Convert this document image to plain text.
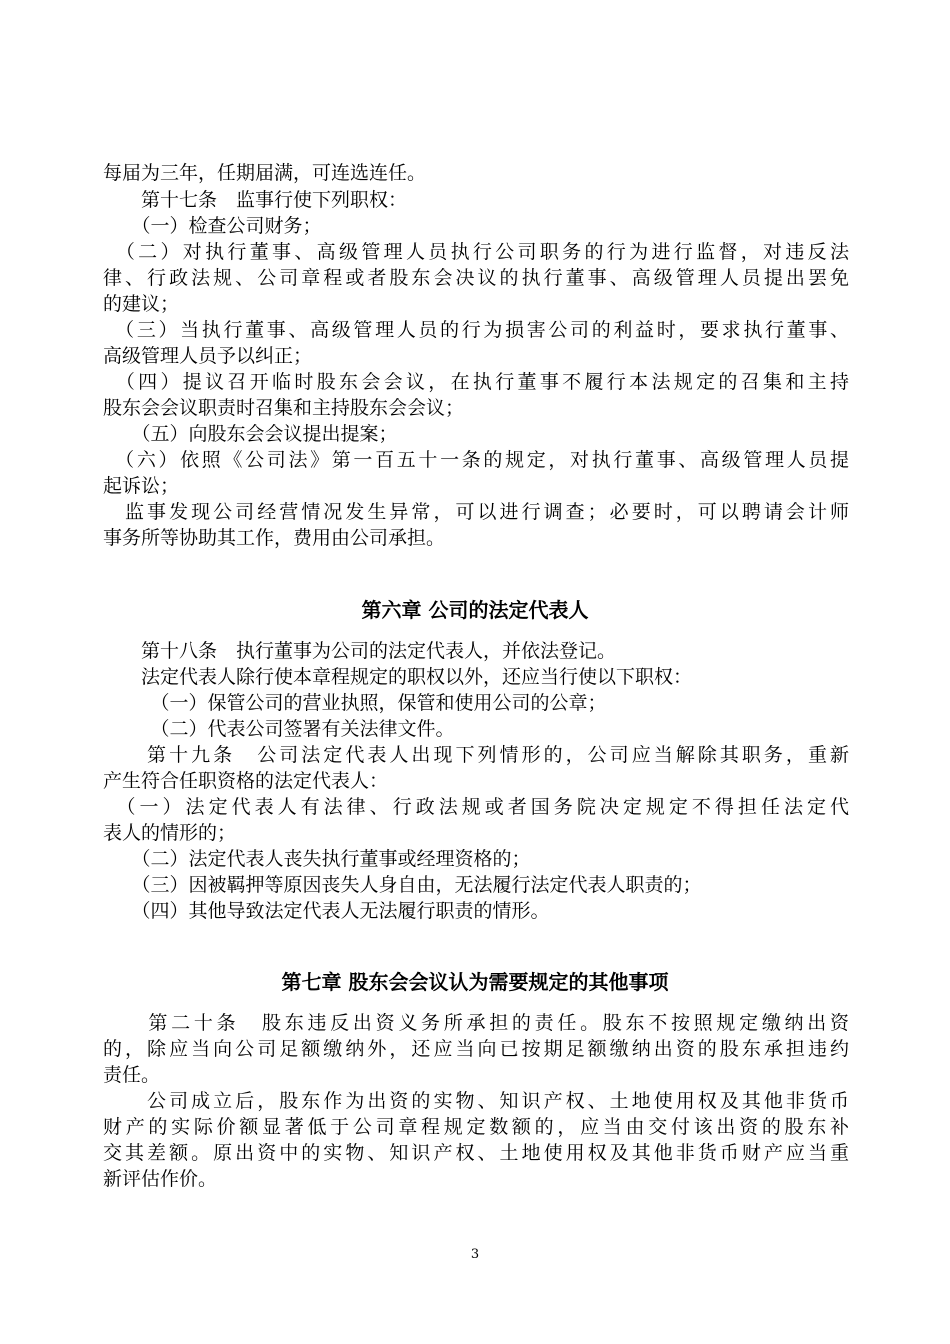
每届为三年，任期届满，可连选连任。
　　第十七条　监事行使下列职权：
　　（一）检查公司财务；
　（二）对执行董事、高级管理人员执行公司职务的行为进行监督，对违反法
律、行政法规、公司章程或者股东会决议的执行董事、高级管理人员提出罢免
的建议；
　（三）当执行董事、高级管理人员的行为损害公司的利益时，要求执行董事、
高级管理人员予以纠正；
　（四）提议召开临时股东会会议，在执行董事不履行本法规定的召集和主持
股东会会议职责时召集和主持股东会会议；
　　（五）向股东会会议提出提案；
　（六）依照《公司法》第一百五十一条的规定，对执行董事、高级管理人员提
起诉讼；
　监事发现公司经营情况发生异常，可以进行调查；必要时，可以聘请会计师
事务所等协助其工作，费用由公司承担。
第六章 公司的法定代表人
　　第十八条　执行董事为公司的法定代表人，并依法登记。
　　法定代表人除行使本章程规定的职权以外，还应当行使以下职权：
　　　（一）保管公司的营业执照，保管和使用公司的公章；
　　　（二）代表公司签署有关法律文件。
　　第十九条　公司法定代表人出现下列情形的，公司应当解除其职务，重新
产生符合任职资格的法定代表人：
　（一）法定代表人有法律、行政法规或者国务院决定规定不得担任法定代
表人的情形的；
　　（二）法定代表人丧失执行董事或经理资格的；
　　（三）因被羁押等原因丧失人身自由，无法履行法定代表人职责的；
　　（四）其他导致法定代表人无法履行职责的情形。
第七章 股东会会议认为需要规定的其他事项
　　第二十条　股东违反出资义务所承担的责任。股东不按照规定缴纳出资
的，除应当向公司足额缴纳外，还应当向已按期足额缴纳出资的股东承担违约
责任。
　　公司成立后，股东作为出资的实物、知识产权、土地使用权及其他非货币
财产的实际价额显著低于公司章程规定数额的，应当由交付该出资的股东补
交其差额。原出资中的实物、知识产权、土地使用权及其他非货币财产应当重
新评估作价。
3
